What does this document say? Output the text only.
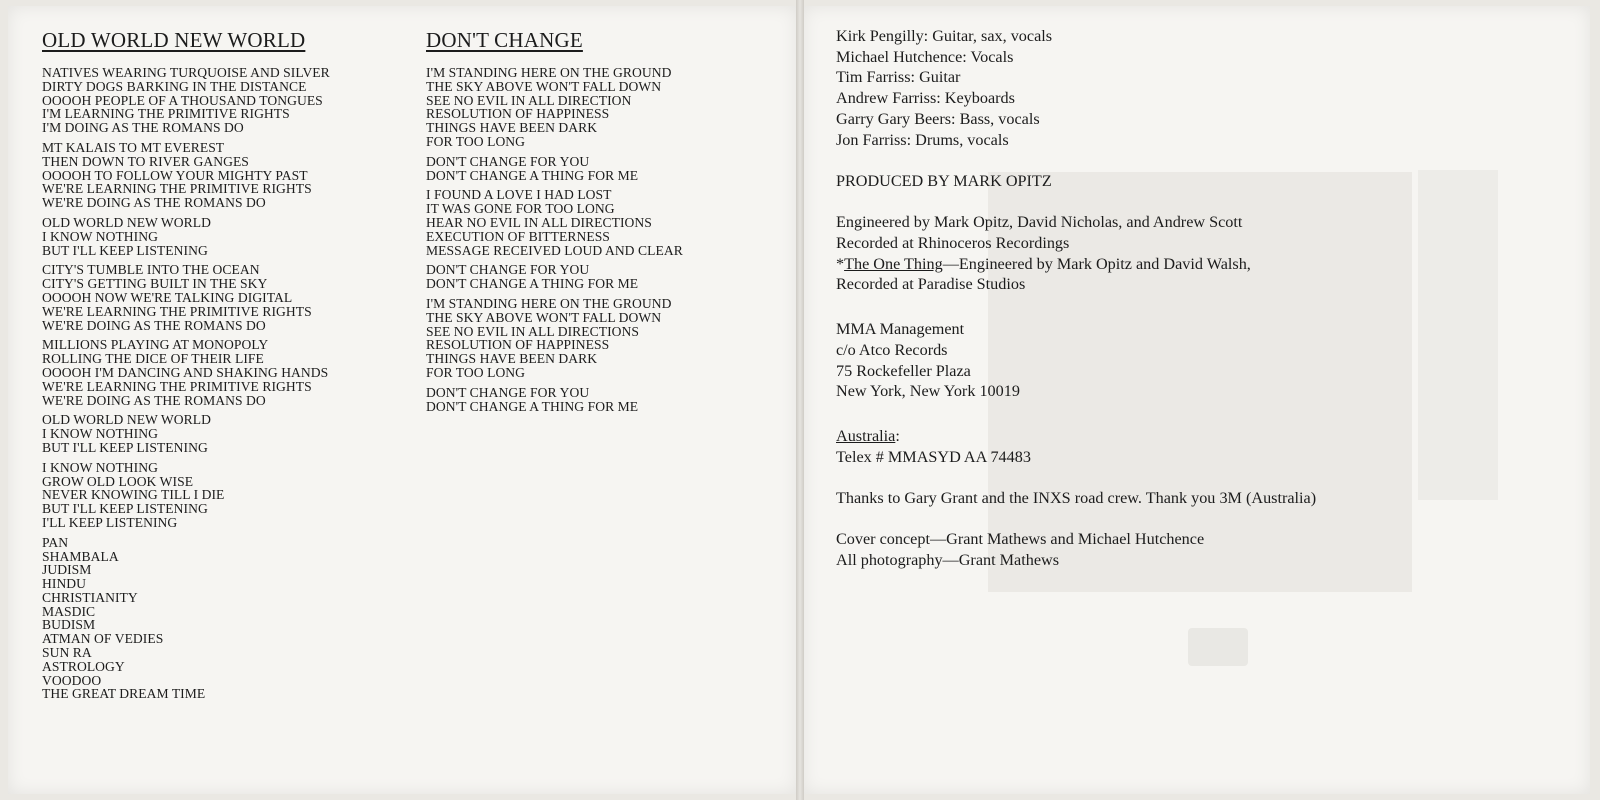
OLD WORLD NEW WORLD
NATIVES WEARING TURQUOISE AND SILVER
DIRTY DOGS BARKING IN THE DISTANCE
OOOOH PEOPLE OF A THOUSAND TONGUES
I'M LEARNING THE PRIMITIVE RIGHTS
I'M DOING AS THE ROMANS DO
MT KALAIS TO MT EVEREST
THEN DOWN TO RIVER GANGES
OOOOH TO FOLLOW YOUR MIGHTY PAST
WE'RE LEARNING THE PRIMITIVE RIGHTS
WE'RE DOING AS THE ROMANS DO
OLD WORLD NEW WORLD
I KNOW NOTHING
BUT I'LL KEEP LISTENING
CITY'S TUMBLE INTO THE OCEAN
CITY'S GETTING BUILT IN THE SKY
OOOOH NOW WE'RE TALKING DIGITAL
WE'RE LEARNING THE PRIMITIVE RIGHTS
WE'RE DOING AS THE ROMANS DO
MILLIONS PLAYING AT MONOPOLY
ROLLING THE DICE OF THEIR LIFE
OOOOH I'M DANCING AND SHAKING HANDS
WE'RE LEARNING THE PRIMITIVE RIGHTS
WE'RE DOING AS THE ROMANS DO
OLD WORLD NEW WORLD
I KNOW NOTHING
BUT I'LL KEEP LISTENING
I KNOW NOTHING
GROW OLD LOOK WISE
NEVER KNOWING TILL I DIE
BUT I'LL KEEP LISTENING
I'LL KEEP LISTENING
PAN
SHAMBALA
JUDISM
HINDU
CHRISTIANITY
MASDIC
BUDISM
ATMAN OF VEDIES
SUN RA
ASTROLOGY
VOODOO
THE GREAT DREAM TIME
DON'T CHANGE
I'M STANDING HERE ON THE GROUND
THE SKY ABOVE WON'T FALL DOWN
SEE NO EVIL IN ALL DIRECTION
RESOLUTION OF HAPPINESS
THINGS HAVE BEEN DARK
FOR TOO LONG
DON'T CHANGE FOR YOU
DON'T CHANGE A THING FOR ME
I FOUND A LOVE I HAD LOST
IT WAS GONE FOR TOO LONG
HEAR NO EVIL IN ALL DIRECTIONS
EXECUTION OF BITTERNESS
MESSAGE RECEIVED LOUD AND CLEAR
DON'T CHANGE FOR YOU
DON'T CHANGE A THING FOR ME
I'M STANDING HERE ON THE GROUND
THE SKY ABOVE WON'T FALL DOWN
SEE NO EVIL IN ALL DIRECTIONS
RESOLUTION OF HAPPINESS
THINGS HAVE BEEN DARK
FOR TOO LONG
DON'T CHANGE FOR YOU
DON'T CHANGE A THING FOR ME
Kirk Pengilly: Guitar, sax, vocals
Michael Hutchence: Vocals
Tim Farriss: Guitar
Andrew Farriss: Keyboards
Garry Gary Beers: Bass, vocals
Jon Farriss: Drums, vocals
PRODUCED BY MARK OPITZ
Engineered by Mark Opitz, David Nicholas, and Andrew Scott
Recorded at Rhinoceros Recordings
*The One Thing—Engineered by Mark Opitz and David Walsh,
Recorded at Paradise Studios
MMA Management
c/o Atco Records
75 Rockefeller Plaza
New York, New York 10019
Australia:
Telex # MMASYD AA 74483
Thanks to Gary Grant and the INXS road crew. Thank you 3M (Australia)
Cover concept—Grant Mathews and Michael Hutchence
All photography—Grant Mathews
